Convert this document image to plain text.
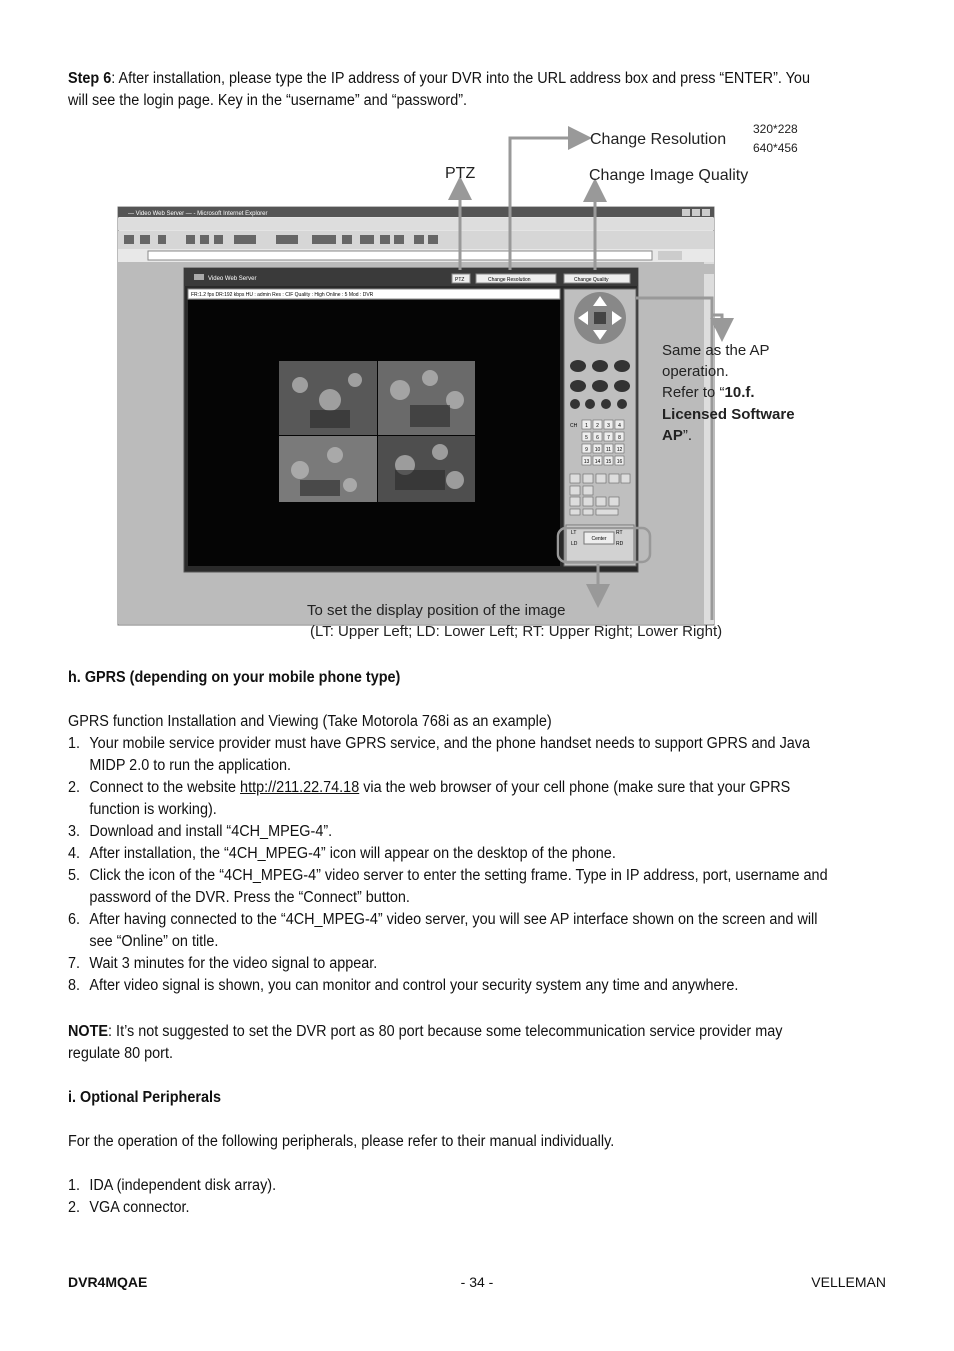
Step 6: After installation, please type the IP address of your DVR into the URL address box and press “ENTER”. You will see the login page. Key in the “username” and “password”.
— Video Web Server — - Microsoft Internet Explorer
Video Web Server	PTZ	Change Resolution	Change Quality
FR:1.2 fps DR:192 kbps HU : admin Res : CIF Quality : High Online : 5 Mod : DVR
CH 1 2 3 4
5 6 7 8
9 10 11 12
13 14 15 16
LT
LD
RT
RD
Center
Change Resolution
320*228
640*456
PTZ	Change Image Quality
Same as the AP
operation.
Refer to “10.f.
Licensed Software
AP”.
To set the display position of the image
(LT: Upper Left; LD: Lower Left; RT: Upper Right; Lower Right)
h. GPRS (depending on your mobile phone type)
GPRS function Installation and Viewing (Take Motorola 768i as an example)
1. Your mobile service provider must have GPRS service, and the phone handset needs to support GPRS and Java MIDP 2.0 to run the application.
2. Connect to the website http://211.22.74.18 via the web browser of your cell phone (make sure that your GPRS function is working).
3. Download and install “4CH_MPEG-4”.
4. After installation, the “4CH_MPEG-4” icon will appear on the desktop of the phone.
5. Click the icon of the “4CH_MPEG-4” video server to enter the setting frame. Type in IP address, port, username and password of the DVR. Press the “Connect” button.
6. After having connected to the “4CH_MPEG-4” video server, you will see AP interface shown on the screen and will see “Online” on title.
7. Wait 3 minutes for the video signal to appear.
8. After video signal is shown, you can monitor and control your security system any time and anywhere.
NOTE: It’s not suggested to set the DVR port as 80 port because some telecommunication service provider may regulate 80 port.
i. Optional Peripherals
For the operation of the following peripherals, please refer to their manual individually.
1. IDA (independent disk array).
2. VGA connector.
DVR4MQAE	- 34 -	VELLEMAN
